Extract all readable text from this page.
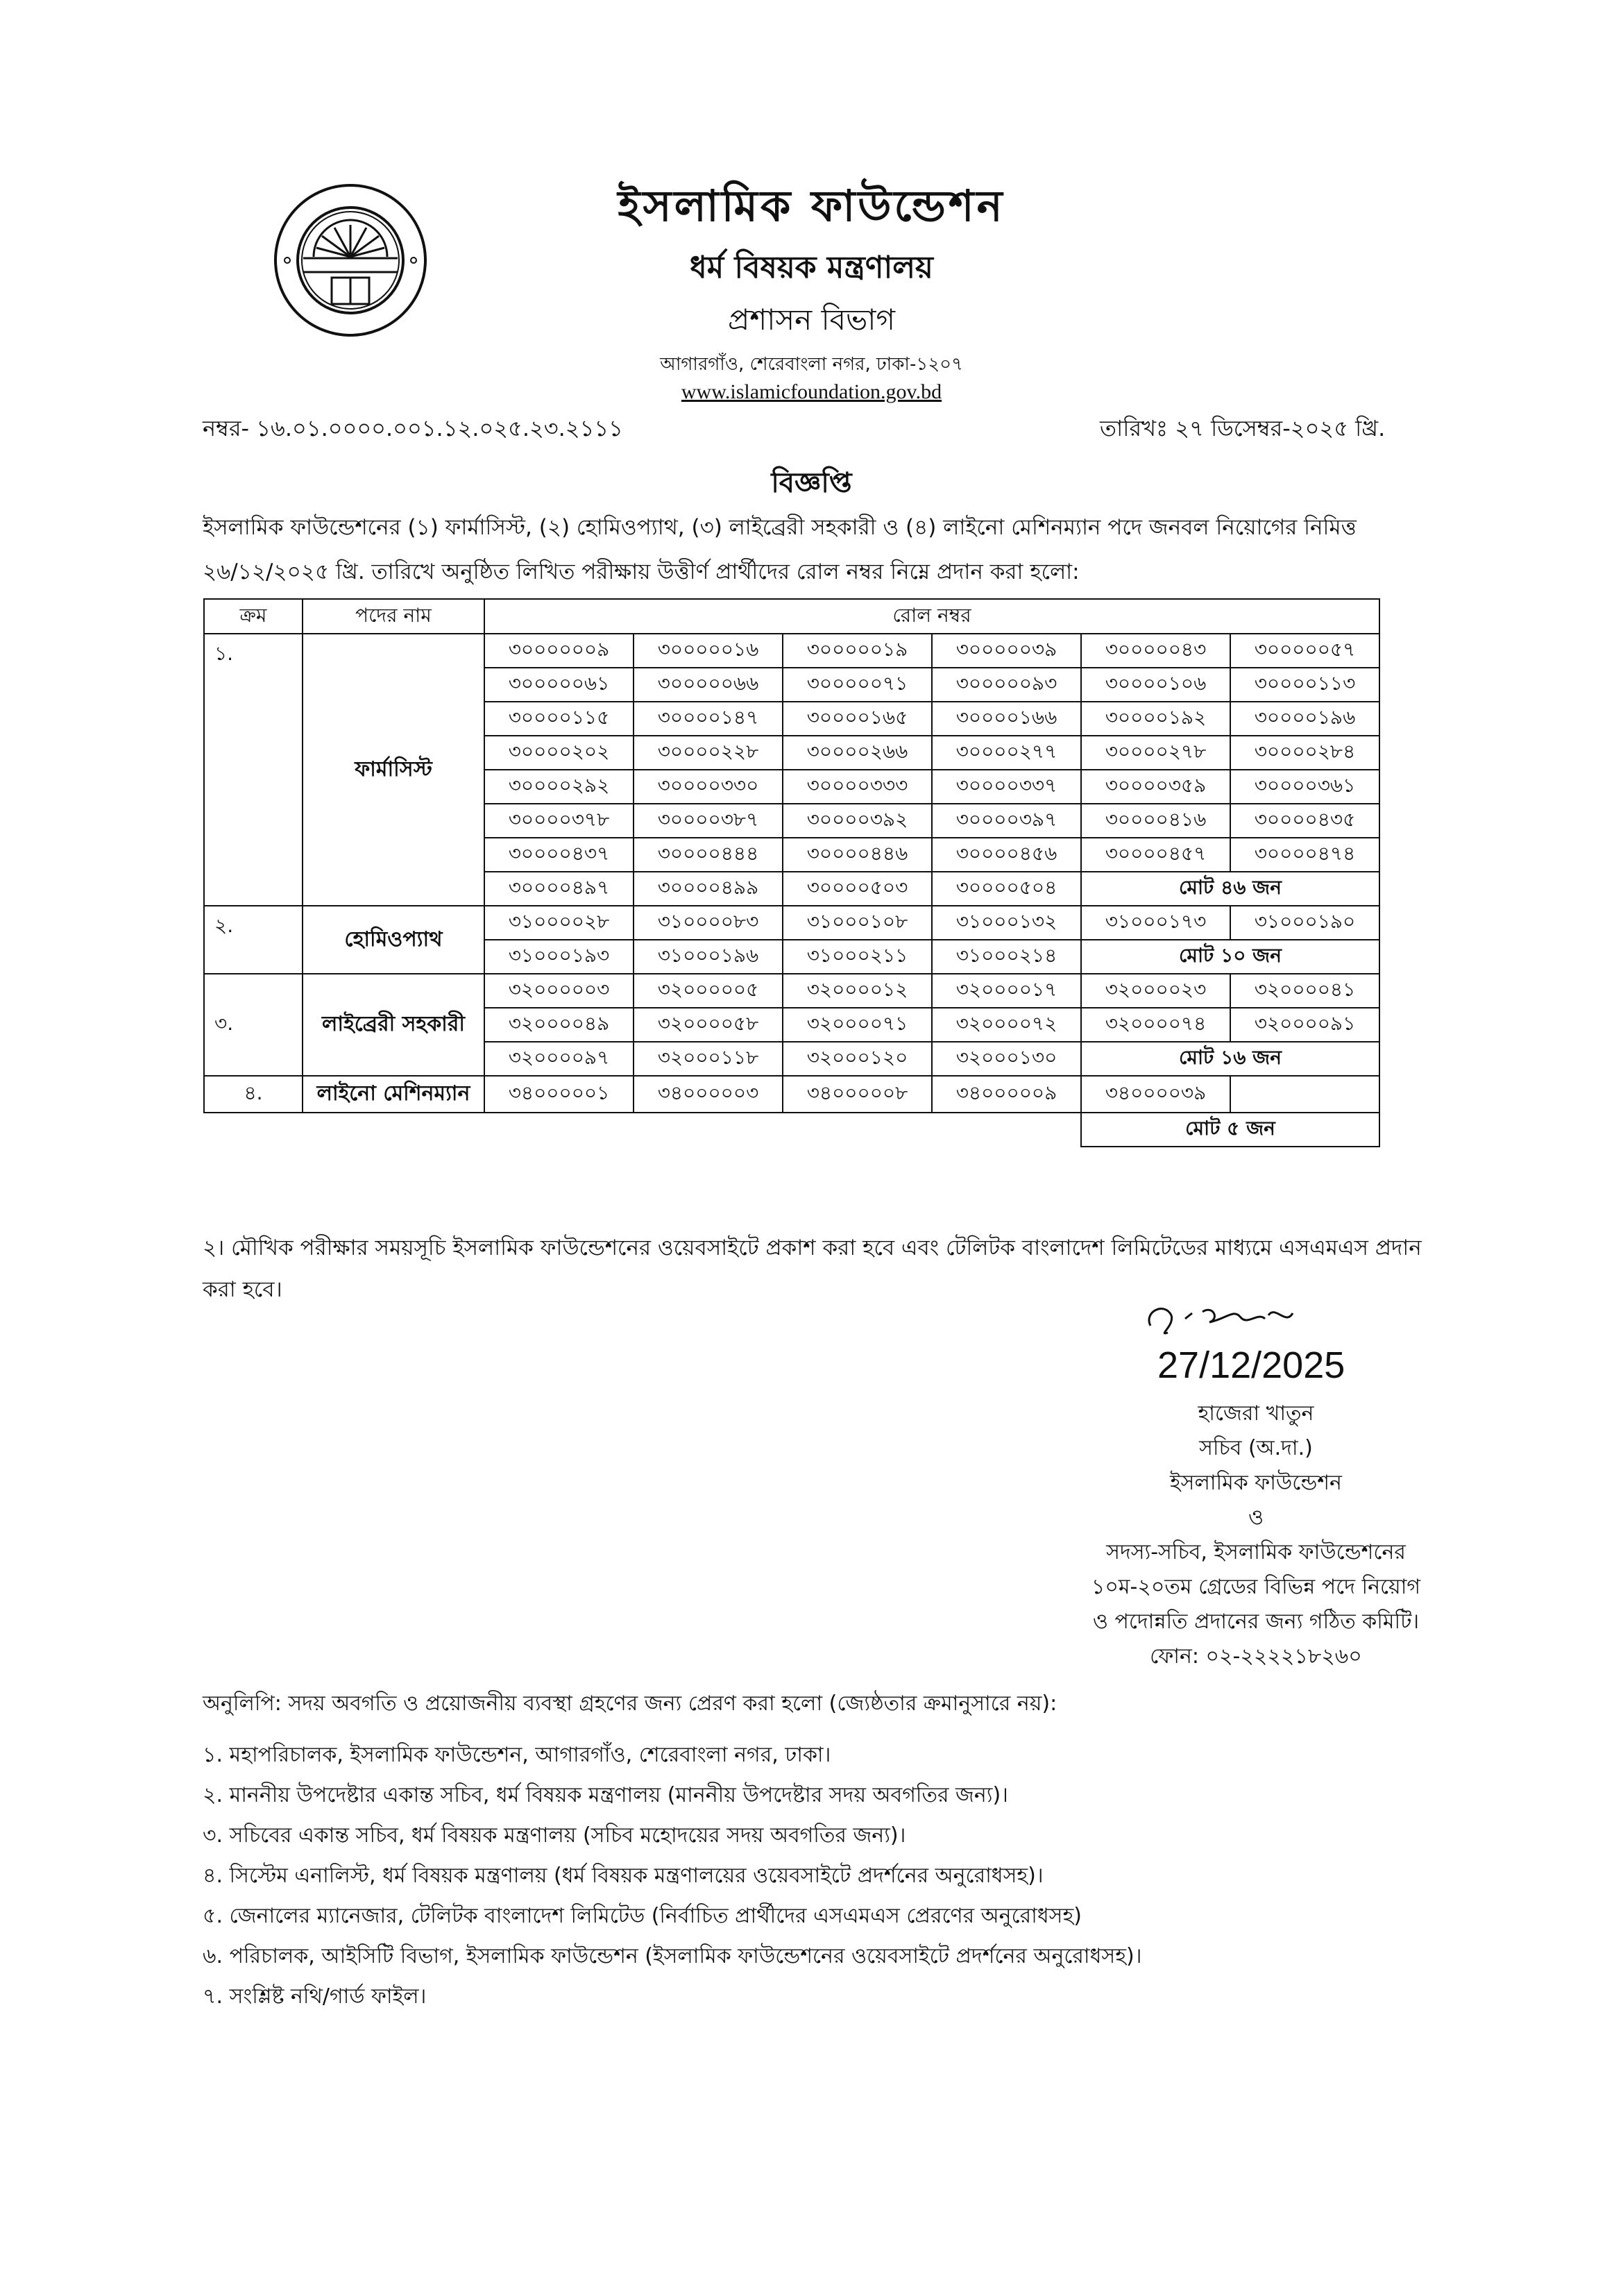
ইসলামিক ফাউন্ডেশন
ধর্ম বিষয়ক মন্ত্রণালয়
প্রশাসন বিভাগ
আগারগাঁও, শেরেবাংলা নগর, ঢাকা-১২০৭
www.islamicfoundation.gov.bd
নম্বর- ১৬.০১.০০০০.০০১.১২.০২৫.২৩.২১১১	তারিখঃ ২৭ ডিসেম্বর-২০২৫ খ্রি.
বিজ্ঞপ্তি
ইসলামিক ফাউন্ডেশনের (১) ফার্মাসিস্ট, (২) হোমিওপ্যাথ, (৩) লাইব্রেরী সহকারী ও (৪) লাইনো মেশিনম্যান পদে জনবল নিয়োগের নিমিত্ত ২৬/১২/২০২৫ খ্রি. তারিখে অনুষ্ঠিত লিখিত পরীক্ষায় উত্তীর্ণ প্রার্থীদের রোল নম্বর নিম্নে প্রদান করা হলো:
ক্রম	পদের নাম	রোল নম্বর					
১.	ফার্মাসিস্ট	৩০০০০০০৯	৩০০০০০১৬	৩০০০০০১৯	৩০০০০০৩৯	৩০০০০০৪৩	৩০০০০০৫৭
		৩০০০০০৬১	৩০০০০০৬৬	৩০০০০০৭১	৩০০০০০৯৩	৩০০০০১০৬	৩০০০০১১৩
		৩০০০০১১৫	৩০০০০১৪৭	৩০০০০১৬৫	৩০০০০১৬৬	৩০০০০১৯২	৩০০০০১৯৬
		৩০০০০২০২	৩০০০০২২৮	৩০০০০২৬৬	৩০০০০২৭৭	৩০০০০২৭৮	৩০০০০২৮৪
		৩০০০০২৯২	৩০০০০৩৩০	৩০০০০৩৩৩	৩০০০০৩৩৭	৩০০০০৩৫৯	৩০০০০৩৬১
		৩০০০০৩৭৮	৩০০০০৩৮৭	৩০০০০৩৯২	৩০০০০৩৯৭	৩০০০০৪১৬	৩০০০০৪৩৫
		৩০০০০৪৩৭	৩০০০০৪৪৪	৩০০০০৪৪৬	৩০০০০৪৫৬	৩০০০০৪৫৭	৩০০০০৪৭৪
		৩০০০০৪৯৭	৩০০০০৪৯৯	৩০০০০৫০৩	৩০০০০৫০৪	মোট ৪৬ জন	
২.	হোমিওপ্যাথ	৩১০০০০২৮	৩১০০০০৮৩	৩১০০০১০৮	৩১০০০১৩২	৩১০০০১৭৩	৩১০০০১৯০
		৩১০০০১৯৩	৩১০০০১৯৬	৩১০০০২১১	৩১০০০২১৪	মোট ১০ জন	
৩.	লাইব্রেরী সহকারী	৩২০০০০০৩	৩২০০০০০৫	৩২০০০০১২	৩২০০০০১৭	৩২০০০০২৩	৩২০০০০৪১
		৩২০০০০৪৯	৩২০০০০৫৮	৩২০০০০৭১	৩২০০০০৭২	৩২০০০০৭৪	৩২০০০০৯১
		৩২০০০০৯৭	৩২০০০১১৮	৩২০০০১২০	৩২০০০১৩০	মোট ১৬ জন	
৪.	লাইনো মেশিনম্যান	৩৪০০০০০১	৩৪০০০০০৩	৩৪০০০০০৮	৩৪০০০০০৯	৩৪০০০০৩৯	
						মোট ৫ জন	
২। মৌখিক পরীক্ষার সময়সূচি ইসলামিক ফাউন্ডেশনের ওয়েবসাইটে প্রকাশ করা হবে এবং টেলিটক বাংলাদেশ লিমিটেডের মাধ্যমে এসএমএস প্রদান করা হবে।
27/12/2025
হাজেরা খাতুন
সচিব (অ.দা.)
ইসলামিক ফাউন্ডেশন
ও
সদস্য-সচিব, ইসলামিক ফাউন্ডেশনের
১০ম-২০তম গ্রেডের বিভিন্ন পদে নিয়োগ
ও পদোন্নতি প্রদানের জন্য গঠিত কমিটি।
ফোন: ০২-২২২২১৮২৬০
অনুলিপি: সদয় অবগতি ও প্রয়োজনীয় ব্যবস্থা গ্রহণের জন্য প্রেরণ করা হলো (জ্যেষ্ঠতার ক্রমানুসারে নয়):
১. মহাপরিচালক, ইসলামিক ফাউন্ডেশন, আগারগাঁও, শেরেবাংলা নগর, ঢাকা।
২. মাননীয় উপদেষ্টার একান্ত সচিব, ধর্ম বিষয়ক মন্ত্রণালয় (মাননীয় উপদেষ্টার সদয় অবগতির জন্য)।
৩. সচিবের একান্ত সচিব, ধর্ম বিষয়ক মন্ত্রণালয় (সচিব মহোদয়ের সদয় অবগতির জন্য)।
৪. সিস্টেম এনালিস্ট, ধর্ম বিষয়ক মন্ত্রণালয় (ধর্ম বিষয়ক মন্ত্রণালয়ের ওয়েবসাইটে প্রদর্শনের অনুরোধসহ)।
৫. জেনালের ম্যানেজার, টেলিটক বাংলাদেশ লিমিটেড (নির্বাচিত প্রার্থীদের এসএমএস প্রেরণের অনুরোধসহ)
৬. পরিচালক, আইসিটি বিভাগ, ইসলামিক ফাউন্ডেশন (ইসলামিক ফাউন্ডেশনের ওয়েবসাইটে প্রদর্শনের অনুরোধসহ)।
৭. সংশ্লিষ্ট নথি/গার্ড ফাইল।
